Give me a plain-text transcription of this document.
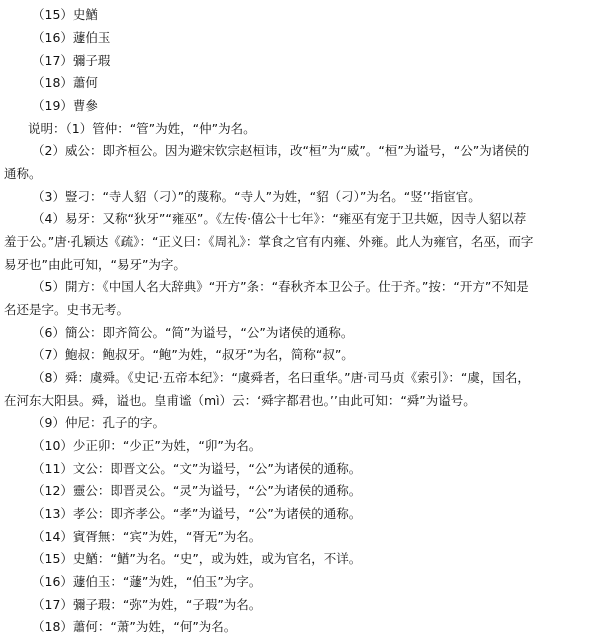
（15）史鰌
（16）蘧伯玉
（17）彌子瑕
（18）蕭何
（19）曹參
说明：（1）管仲：“管”为姓，“仲”为名。
（2）威公：即齐桓公。因为避宋钦宗赵桓讳，改“桓”为“威”。“桓”为谥号，“公”为诸侯的
通称。
（3）豎刁：“寺人貂（刁）”的蔑称。“寺人”为姓，“貂（刁）”为名。“竖’’指宦官。
（4）易牙：又称“狄牙”“雍巫”。《左传·僖公十七年》：“雍巫有宠于卫共姬，因寺人貂以荐
羞于公。”唐·孔颖达《疏》：“正义曰：《周礼》：掌食之官有内雍、外雍。此人为雍官，名巫，而字
易牙也”由此可知，“易牙”为字。
（5）開方：《中国人名大辞典》“开方”条：“春秋齐本卫公子。仕于齐。”按：“开方”不知是
名还是字。史书无考。
（6）簡公：即齐简公。“简”为谥号，“公”为诸侯的通称。
（7）鮑叔：鲍叔牙。“鲍”为姓，“叔牙”为名，简称“叔”。
（8）舜：虞舜。《史记·五帝本纪》：“虞舜者，名曰重华。”唐·司马贞《索引》：“虞，国名，
在河东大阳县。舜，谥也。皇甫谧（mì）云：‘舜字都君也。’’由此可知：“舜”为谥号。
（9）仲尼：孔子的字。
（10）少正卯：“少正”为姓，“卯”为名。
（11）文公：即晋文公。“文”为谥号，“公”为诸侯的通称。
（12）靈公：即晋灵公。“灵”为谥号，“公”为诸侯的通称。
（13）孝公：即齐孝公。“孝”为谥号，“公”为诸侯的通称。
（14）賓胥無：“宾”为姓，“胥无”为名。
（15）史鰌：“鰌”为名。“史”，或为姓，或为官名，不详。
（16）蘧伯玉：“蘧”为姓，“伯玉”为字。
（17）彌子瑕：“弥”为姓，“子瑕”为名。
（18）蕭何：“萧”为姓，“何”为名。
